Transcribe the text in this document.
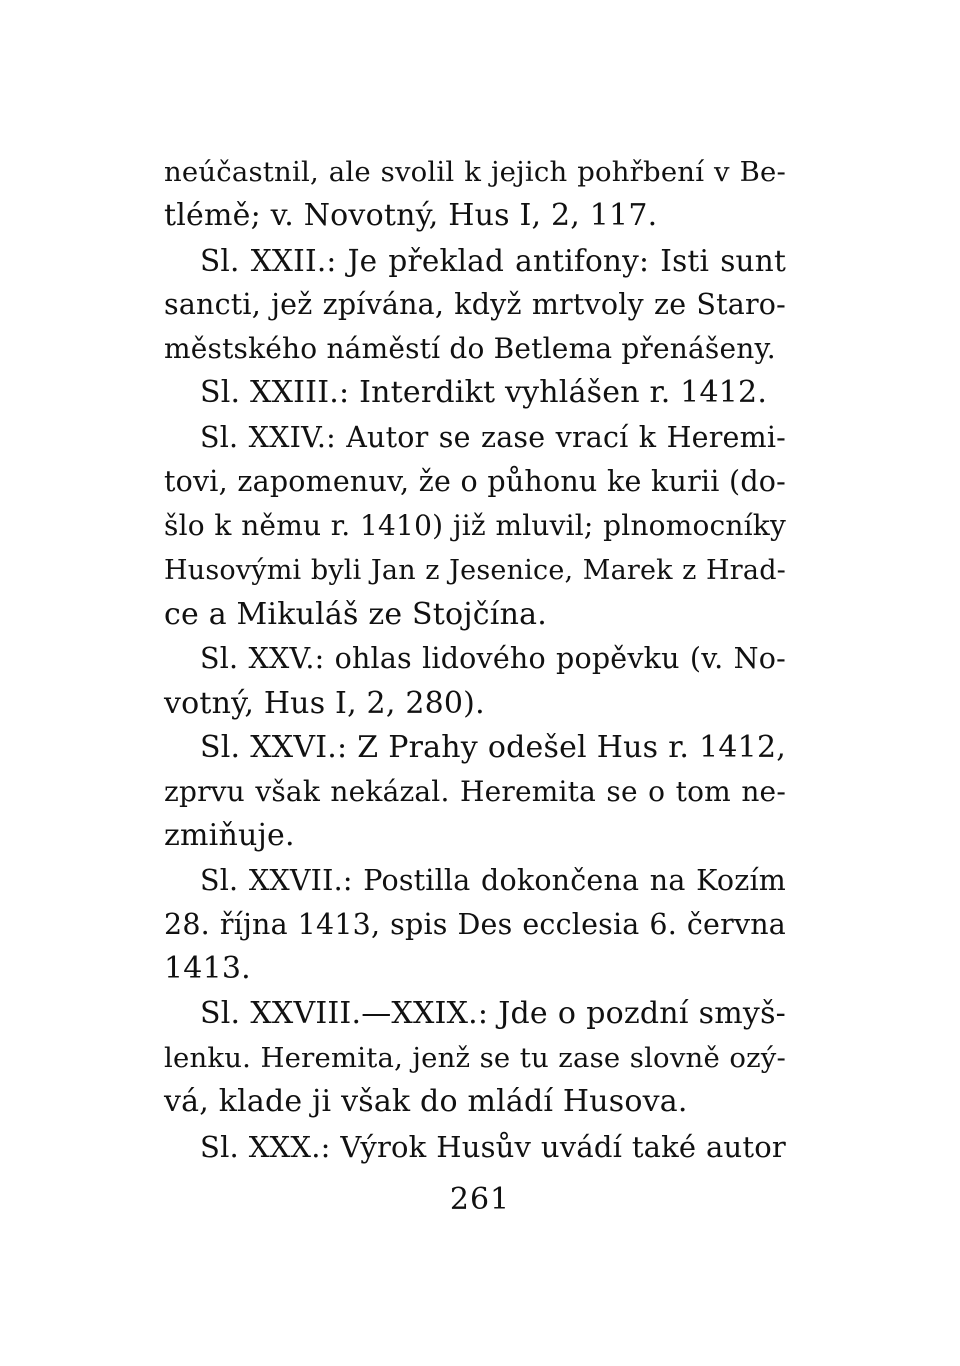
neúčastnil, ale svolil k jejich pohřbení v Be-
tlémě; v. Novotný, Hus I, 2, 117.
Sl. XXII.: Je překlad antifony: Isti sunt
sancti, jež zpívána, když mrtvoly ze Staro-
městského náměstí do Betlema přenášeny.
Sl. XXIII.: Interdikt vyhlášen r. 1412.
Sl. XXIV.: Autor se zase vrací k Heremi-
tovi, zapomenuv, že o půhonu ke kurii (do-
šlo k němu r. 1410) již mluvil; plnomocníky
Husovými byli Jan z Jesenice, Marek z Hrad-
ce a Mikuláš ze Stojčína.
Sl. XXV.: ohlas lidového popěvku (v. No-
votný, Hus I, 2, 280).
Sl. XXVI.: Z Prahy odešel Hus r. 1412,
zprvu však nekázal. Heremita se o tom ne-
zmiňuje.
Sl. XXVII.: Postilla dokončena na Kozím
28. října 1413, spis Des ecclesia 6. června
1413.
Sl. XXVIII.—XXIX.: Jde o pozdní smyš-
lenku. Heremita, jenž se tu zase slovně ozý-
vá, klade ji však do mládí Husova.
Sl. XXX.: Výrok Husův uvádí také autor
261
